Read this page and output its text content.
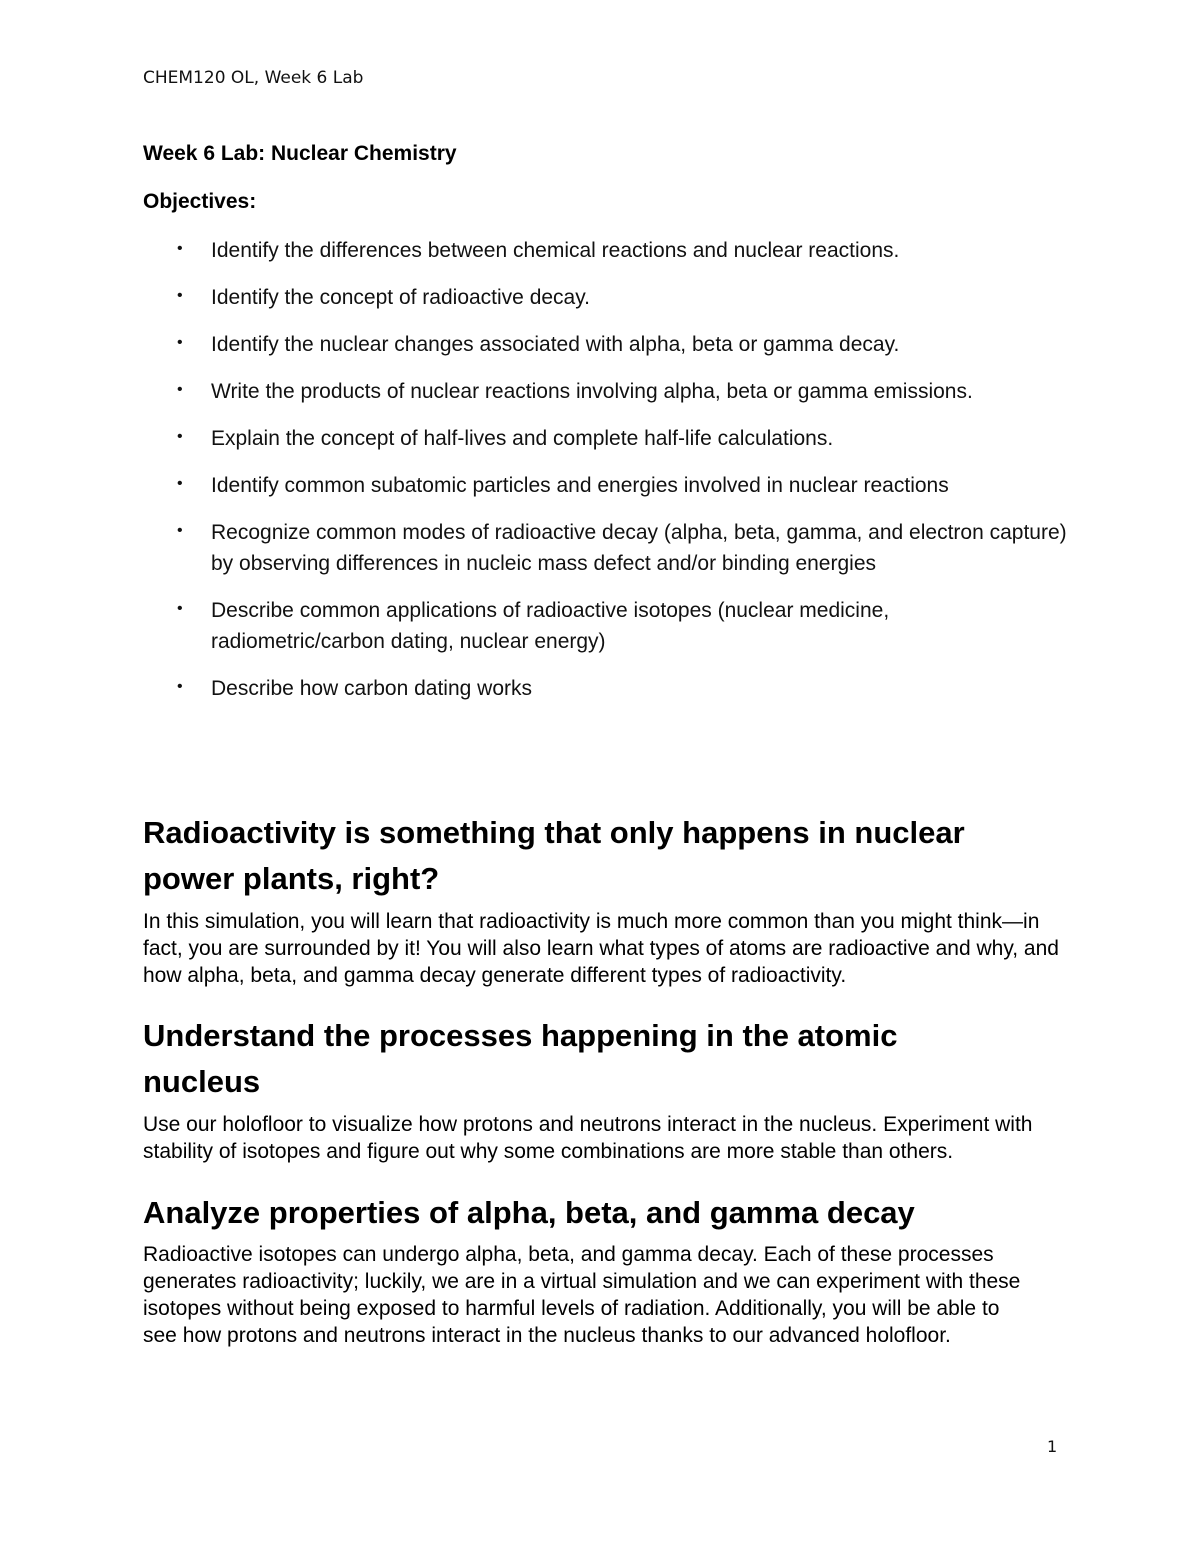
CHEM120 OL, Week 6 Lab
Week 6 Lab: Nuclear Chemistry
Objectives:
• Identify the differences between chemical reactions and nuclear reactions.
• Identify the concept of radioactive decay.
• Identify the nuclear changes associated with alpha, beta or gamma decay.
• Write the products of nuclear reactions involving alpha, beta or gamma emissions.
• Explain the concept of half-lives and complete half-life calculations.
• Identify common subatomic particles and energies involved in nuclear reactions
• Recognize common modes of radioactive decay (alpha, beta, gamma, and electron capture) by observing differences in nucleic mass defect and/or binding energies
• Describe common applications of radioactive isotopes (nuclear medicine, radiometric/carbon dating, nuclear energy)
• Describe how carbon dating works
Radioactivity is something that only happens in nuclear power plants, right?

In this simulation, you will learn that radioactivity is much more common than you might think—in fact, you are surrounded by it! You will also learn what types of atoms are radioactive and why, and how alpha, beta, and gamma decay generate different types of radioactivity.

Understand the processes happening in the atomic nucleus

Use our holofloor to visualize how protons and neutrons interact in the nucleus. Experiment with stability of isotopes and figure out why some combinations are more stable than others.

Analyze properties of alpha, beta, and gamma decay

Radioactive isotopes can undergo alpha, beta, and gamma decay. Each of these processes generates radioactivity; luckily, we are in a virtual simulation and we can experiment with these isotopes without being exposed to harmful levels of radiation. Additionally, you will be able to see how protons and neutrons interact in the nucleus thanks to our advanced holofloor.

1
